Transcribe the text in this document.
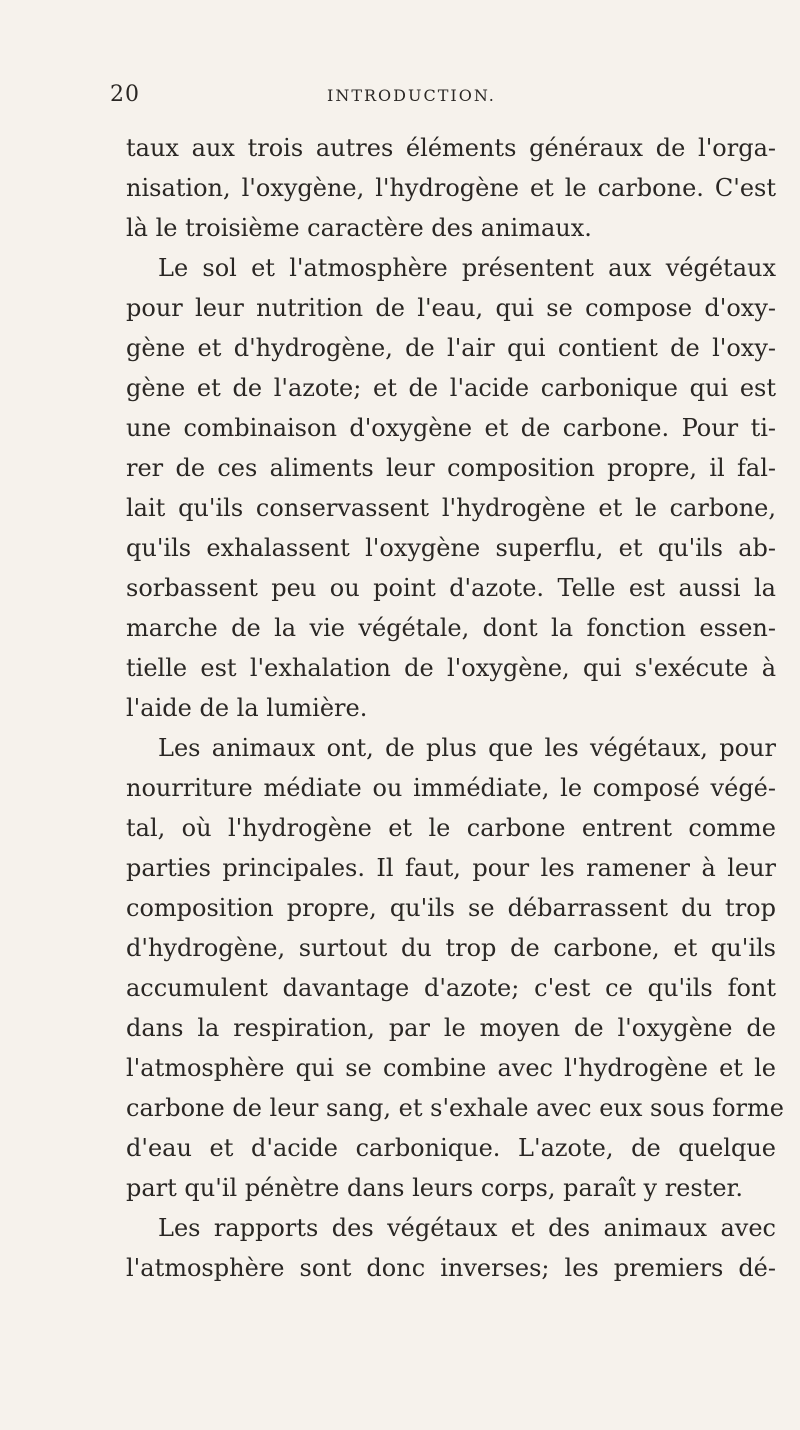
20	INTRODUCTION.
taux aux trois autres éléments généraux de l'orga-
nisation, l'oxygène, l'hydrogène et le carbone. C'est
là le troisième caractère des animaux.
Le sol et l'atmosphère présentent aux végétaux
pour leur nutrition de l'eau, qui se compose d'oxy-
gène et d'hydrogène, de l'air qui contient de l'oxy-
gène et de l'azote; et de l'acide carbonique qui est
une combinaison d'oxygène et de carbone. Pour ti-
rer de ces aliments leur composition propre, il fal-
lait qu'ils conservassent l'hydrogène et le carbone,
qu'ils exhalassent l'oxygène superflu, et qu'ils ab-
sorbassent peu ou point d'azote. Telle est aussi la
marche de la vie végétale, dont la fonction essen-
tielle est l'exhalation de l'oxygène, qui s'exécute à
l'aide de la lumière.
Les animaux ont, de plus que les végétaux, pour
nourriture médiate ou immédiate, le composé végé-
tal, où l'hydrogène et le carbone entrent comme
parties principales. Il faut, pour les ramener à leur
composition propre, qu'ils se débarrassent du trop
d'hydrogène, surtout du trop de carbone, et qu'ils
accumulent davantage d'azote; c'est ce qu'ils font
dans la respiration, par le moyen de l'oxygène de
l'atmosphère qui se combine avec l'hydrogène et le
carbone de leur sang, et s'exhale avec eux sous forme
d'eau et d'acide carbonique. L'azote, de quelque
part qu'il pénètre dans leurs corps, paraît y rester.
Les rapports des végétaux et des animaux avec
l'atmosphère sont donc inverses; les premiers dé-
